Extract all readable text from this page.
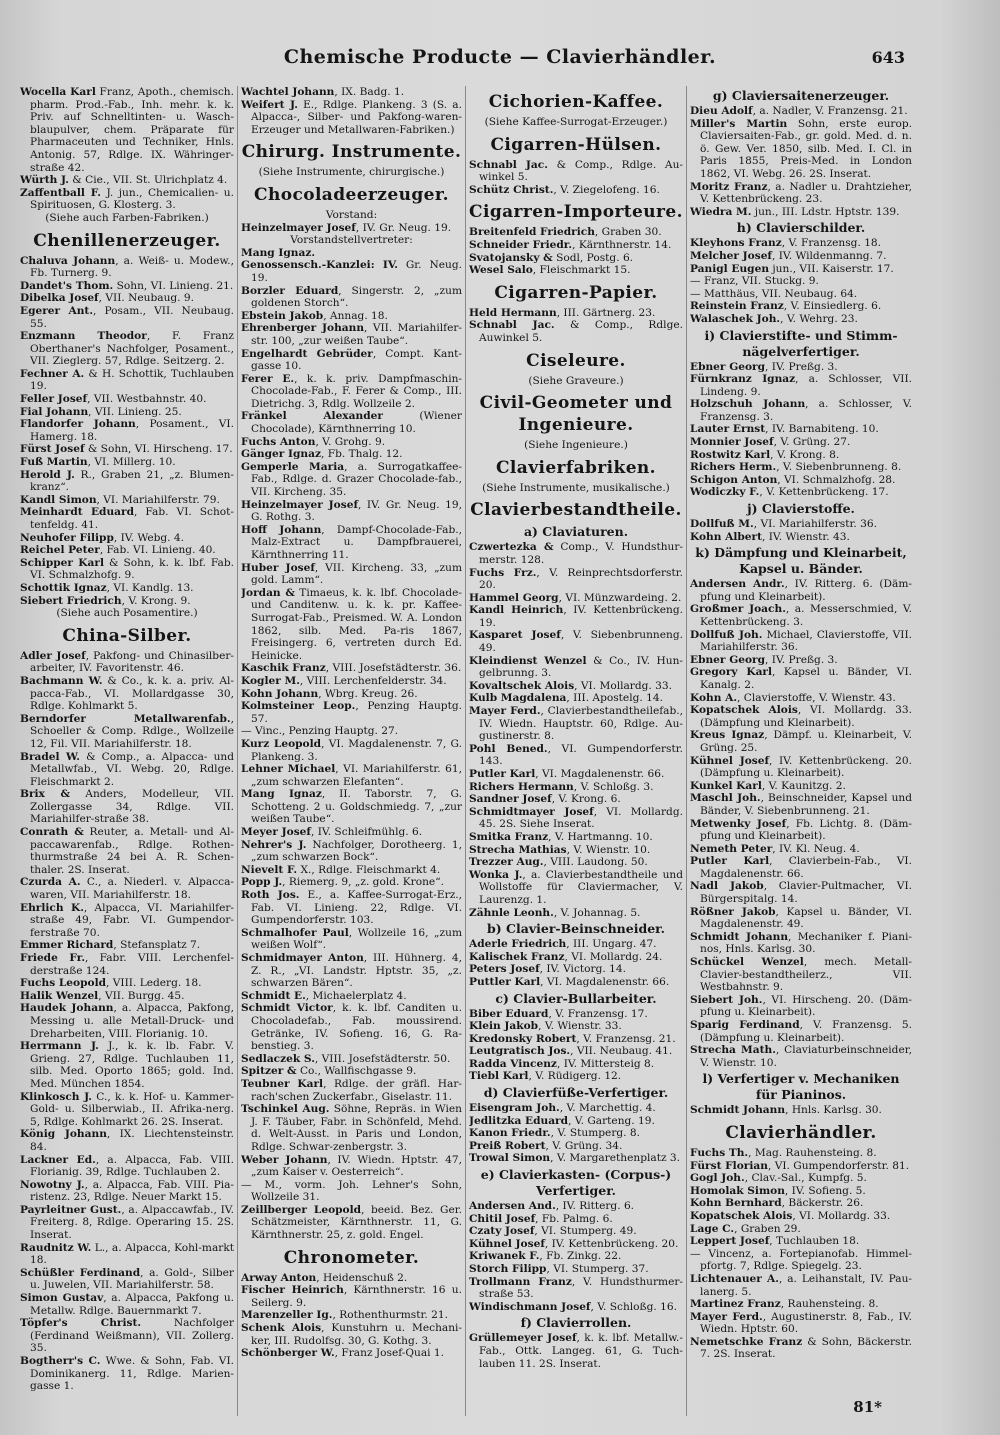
Chemische Producte — Clavierhändler.	643
Wocella Karl Franz, Apoth., chemisch. pharm. Prod.-Fab., Inh. mehr. k. k. Priv. auf Schnelltinten- u. Wasch-blaupulver, chem. Präparate für Pharmaceuten und Techniker, Hnls. Antonig. 57, Rdlge. IX. Währinger-straße 42.
Würth J. & Cie., VII. St. Ulrichplatz 4.
Zaffentball F. J. jun., Chemicalien- u. Spirituosen, G. Klosterg. 3.
(Siehe auch Farben-Fabriken.)
Chenillenerzeuger.
Chaluva Johann, a. Weiß- u. Modew., Fb. Turnerg. 9.
Dandet's Thom. Sohn, VI. Linieng. 21.
Dibelka Josef, VII. Neubaug. 9.
Egerer Ant., Posam., VII. Neubaug. 55.
Enzmann Theodor, F. Franz Oberthaner's Nachfolger, Posament., VII. Zieglerg. 57, Rdlge. Seitzerg. 2.
Fechner A. & H. Schottik, Tuchlauben 19.
Feller Josef, VII. Westbahnstr. 40.
Fial Johann, VII. Linieng. 25.
Flandorfer Johann, Posament., VI. Hamerg. 18.
Fürst Josef & Sohn, VI. Hirscheng. 17.
Fuß Martin, VI. Millerg. 10.
Herold J. R., Graben 21, „z. Blumen-kranz“.
Kandl Simon, VI. Mariahilferstr. 79.
Meinhardt Eduard, Fab. VI. Schot-tenfeldg. 41.
Neuhofer Filipp, IV. Webg. 4.
Reichel Peter, Fab. VI. Linieng. 40.
Schipper Karl & Sohn, k. k. lbf. Fab. VI. Schmalzhofg. 9.
Schottik Ignaz, VI. Kandlg. 13.
Siebert Friedrich, V. Krong. 9.
(Siehe auch Posamentire.)
China-Silber.
Adler Josef, Pakfong- und Chinasilber-arbeiter, IV. Favoritenstr. 46.
Bachmann W. & Co., k. k. a. priv. Al-pacca-Fab., VI. Mollardgasse 30, Rdlge. Kohlmarkt 5.
Berndorfer Metallwarenfab., Schoeller & Comp. Rdlge., Wollzeile 12, Fil. VII. Mariahilferstr. 18.
Bradel W. & Comp., a. Alpacca- und Metallwfab., VI. Webg. 20, Rdlge. Fleischmarkt 2.
Brix & Anders, Modelleur, VII. Zollergasse 34, Rdlge. VII. Mariahilfer-straße 38.
Conrath & Reuter, a. Metall- und Al-paccawarenfab., Rdlge. Rothen-thurmstraße 24 bei A. R. Schen-thaler. 2S. Inserat.
Czurda A. C., a. Niederl. v. Alpacca-waren, VII. Mariahilferstr. 18.
Ehrlich K., Alpacca, VI. Mariahilfer-straße 49, Fabr. VI. Gumpendor-ferstraße 70.
Emmer Richard, Stefansplatz 7.
Friede Fr., Fabr. VIII. Lerchenfel-derstraße 124.
Fuchs Leopold, VIII. Lederg. 18.
Halik Wenzel, VII. Burgg. 45.
Haudek Johann, a. Alpacca, Pakfong, Messing u. alle Metall-Druck- und Dreharbeiten, VIII. Florianig. 10.
Herrmann J. J., k. k. lb. Fabr. V. Grieng. 27, Rdlge. Tuchlauben 11, silb. Med. Oporto 1865; gold. Ind. Med. München 1854.
Klinkosch J. C., k. k. Hof- u. Kammer-Gold- u. Silberwiab., II. Afrika-nerg. 5, Rdlge. Kohlmarkt 26. 2S. Inserat.
König Johann, IX. Liechtensteinstr. 84.
Lackner Ed., a. Alpacca, Fab. VIII. Florianig. 39, Rdlge. Tuchlauben 2.
Nowotny J., a. Alpacca, Fab. VIII. Pia-ristenz. 23, Rdlge. Neuer Markt 15.
Payrleitner Gust., a. Alpaccawfab., IV. Freiterg. 8, Rdlge. Operaring 15. 2S. Inserat.
Raudnitz W. L., a. Alpacca, Kohl-markt 18.
Schüßler Ferdinand, a. Gold-, Silber u. Juwelen, VII. Mariahilferstr. 58.
Simon Gustav, a. Alpacca, Pakfong u. Metallw. Rdlge. Bauernmarkt 7.
Töpfer's Christ. Nachfolger (Ferdinand Weißmann), VII. Zollerg. 35.
Bogtherr's C. Wwe. & Sohn, Fab. VI. Dominikanerg. 11, Rdlge. Marien-gasse 1.
Wachtel Johann, IX. Badg. 1.
Weifert J. E., Rdlge. Plankeng. 3 (S. a. Alpacca-, Silber- und Pakfong-waren-Erzeuger und Metallwaren-Fabriken.)
Chirurg. Instrumente.
(Siehe Instrumente, chirurgische.)
Chocoladeerzeuger.
Vorstand:
Heinzelmayer Josef, IV. Gr. Neug. 19.
Vorstandstellvertreter:
Mang Ignaz.
Genossensch.-Kanzlei: IV. Gr. Neug. 19.
Borzler Eduard, Singerstr. 2, „zum goldenen Storch“.
Ebstein Jakob, Annag. 18.
Ehrenberger Johann, VII. Mariahilfer-str. 100, „zur weißen Taube“.
Engelhardt Gebrüder, Compt. Kant-gasse 10.
Ferer E., k. k. priv. Dampfmaschin-Chocolade-Fab., F. Ferer & Comp., III. Dietrichg. 3, Rdlg. Wollzeile 2.
Fränkel Alexander (Wiener Chocolade), Kärnthnerring 10.
Fuchs Anton, V. Grohg. 9.
Gänger Ignaz, Fb. Thalg. 12.
Gemperle Maria, a. Surrogatkaffee-Fab., Rdlge. d. Grazer Chocolade-fab., VII. Kircheng. 35.
Heinzelmayer Josef, IV. Gr. Neug. 19, G. Rothg. 3.
Hoff Johann, Dampf-Chocolade-Fab., Malz-Extract u. Dampfbrauerei, Kärnthnerring 11.
Huber Josef, VII. Kircheng. 33, „zum gold. Lamm“.
Jordan & Timaeus, k. k. lbf. Chocolade- und Canditenw. u. k. k. pr. Kaffee-Surrogat-Fab., Preismed. W. A. London 1862, silb. Med. Pa-ris 1867, Freisingerg. 6, vertreten durch Ed. Heinicke.
Kaschik Franz, VIII. Josefstädterstr. 36.
Kogler M., VIII. Lerchenfelderstr. 34.
Kohn Johann, Wbrg. Kreug. 26.
Kolmsteiner Leop., Penzing Hauptg. 57.
— Vinc., Penzing Hauptg. 27.
Kurz Leopold, VI. Magdalenenstr. 7, G. Plankeng. 3.
Lehner Michael, VI. Mariahilferstr. 61, „zum schwarzen Elefanten“.
Mang Ignaz, II. Taborstr. 7, G. Schotteng. 2 u. Goldschmiedg. 7, „zur weißen Taube“.
Meyer Josef, IV. Schleifmühlg. 6.
Nehrer's J. Nachfolger, Dorotheerg. 1, „zum schwarzen Bock“.
Nievelt F. X., Rdlge. Fleischmarkt 4.
Popp J., Riemerg. 9, „z. gold. Krone“.
Roth Jos. E., a. Kaffee-Surrogat-Erz., Fab. VI. Linieng. 22, Rdlge. VI. Gumpendorferstr. 103.
Schmalhofer Paul, Wollzeile 16, „zum weißen Wolf“.
Schmidmayer Anton, III. Hühnerg. 4, Z. R., „VI. Landstr. Hptstr. 35, „z. schwarzen Bären“.
Schmidt E., Michaelerplatz 4.
Schmidt Victor, k. k. lbf. Canditen u. Chocoladefab., Fab. moussirend. Getränke, IV. Sofieng. 16, G. Ra-benstieg. 3.
Sedlaczek S., VIII. Josefstädterstr. 50.
Spitzer & Co., Wallfischgasse 9.
Teubner Karl, Rdlge. der gräfl. Har-rach'schen Zuckerfabr., Giselastr. 11.
Tschinkel Aug. Söhne, Repräs. in Wien J. F. Täuber, Fabr. in Schönfeld, Mehd. d. Welt-Ausst. in Paris und London, Rdlge. Schwar-zenbergstr. 3.
Weber Johann, IV. Wiedn. Hptstr. 47, „zum Kaiser v. Oesterreich“.
— M., vorm. Joh. Lehner's Sohn, Wollzeile 31.
Zeillberger Leopold, beeid. Bez. Ger. Schätzmeister, Kärnthnerstr. 11, G. Kärnthnerstr. 25, z. gold. Engel.
Chronometer.
Arway Anton, Heidenschuß 2.
Fischer Heinrich, Kärnthnerstr. 16 u. Seilerg. 9.
Marenzeller Ig., Rothenthurmstr. 21.
Schenk Alois, Kunstuhrn u. Mechani-ker, III. Rudolfsg. 30, G. Kothg. 3.
Schönberger W., Franz Josef-Quai 1.
Cichorien-Kaffee.
(Siehe Kaffee-Surrogat-Erzeuger.)
Cigarren-Hülsen.
Schnabl Jac. & Comp., Rdlge. Au-winkel 5.
Schütz Christ., V. Ziegelofeng. 16.
Cigarren-Importeure.
Breitenfeld Friedrich, Graben 30.
Schneider Friedr., Kärnthnerstr. 14.
Svatojansky & Sodl, Postg. 6.
Wesel Salo, Fleischmarkt 15.
Cigarren-Papier.
Held Hermann, III. Gärtnerg. 23.
Schnabl Jac. & Comp., Rdlge. Auwinkel 5.
Ciseleure.
(Siehe Graveure.)
Civil-Geometer und Ingenieure.
(Siehe Ingenieure.)
Clavierfabriken.
(Siehe Instrumente, musikalische.)
Clavierbestandtheile.
a) Claviaturen.
Czwertezka & Comp., V. Hundsthur-merstr. 128.
Fuchs Frz., V. Reinprechtsdorferstr. 20.
Hammel Georg, VI. Münzwardeing. 2.
Kandl Heinrich, IV. Kettenbrückeng. 19.
Kasparet Josef, V. Siebenbrunneng. 49.
Kleindienst Wenzel & Co., IV. Hun-gelbrunng. 3.
Kovaltschek Alois, VI. Mollardg. 33.
Kulb Magdalena, III. Apostelg. 14.
Mayer Ferd., Clavierbestandtheilefab., IV. Wiedn. Hauptstr. 60, Rdlge. Au-gustinerstr. 8.
Pohl Bened., VI. Gumpendorferstr. 143.
Putler Karl, VI. Magdalenenstr. 66.
Richers Hermann, V. Schloßg. 3.
Sandner Josef, V. Krong. 6.
Schmidtmayer Josef, VI. Mollardg. 45. 2S. Siehe Inserat.
Smitka Franz, V. Hartmanng. 10.
Strecha Mathias, V. Wienstr. 10.
Trezzer Aug., VIII. Laudong. 50.
Wonka J., a. Clavierbestandtheile und Wollstoffe für Claviermacher, V. Laurenzg. 1.
Zähnle Leonh., V. Johannag. 5.
b) Clavier-Beinschneider.
Aderle Friedrich, III. Ungarg. 47.
Kalischek Franz, VI. Mollardg. 24.
Peters Josef, IV. Victorg. 14.
Puttler Karl, VI. Magdalenenstr. 66.
c) Clavier-Bullarbeiter.
Biber Eduard, V. Franzensg. 17.
Klein Jakob, V. Wienstr. 33.
Kredonsky Robert, V. Franzensg. 21.
Leutgratisch Jos., VII. Neubaug. 41.
Radda Vincenz, IV. Mittersteig 8.
Tiebl Karl, V. Rüdigerg. 12.
d) Clavierfüße-Verfertiger.
Eisengram Joh., V. Marchettig. 4.
Jedlitzka Eduard, V. Garteng. 19.
Kanon Friedr., V. Stumperg. 8.
Preiß Robert, V. Grüng. 34.
Trowal Simon, V. Margarethenplatz 3.
e) Clavierkasten- (Corpus-) Verfertiger.
Andersen And., IV. Ritterg. 6.
Chitil Josef, Fb. Palmg. 6.
Czaty Josef, VI. Stumperg. 49.
Kühnel Josef, IV. Kettenbrückeng. 20.
Kriwanek F., Fb. Zinkg. 22.
Storch Filipp, VI. Stumperg. 37.
Trollmann Franz, V. Hundsthurmer-straße 53.
Windischmann Josef, V. Schloßg. 16.
f) Clavierrollen.
Grüllemeyer Josef, k. k. lbf. Metallw.-Fab., Ottk. Langeg. 61, G. Tuch-lauben 11. 2S. Inserat.
g) Claviersaitenerzeuger.
Dieu Adolf, a. Nadler, V. Franzensg. 21.
Miller's Martin Sohn, erste europ. Claviersaiten-Fab., gr. gold. Med. d. n. ö. Gew. Ver. 1850, silb. Med. I. Cl. in Paris 1855, Preis-Med. in London 1862, VI. Webg. 26. 2S. Inserat.
Moritz Franz, a. Nadler u. Drahtzieher, V. Kettenbrückeng. 23.
Wiedra M. jun., III. Ldstr. Hptstr. 139.
h) Clavierschilder.
Kleyhons Franz, V. Franzensg. 18.
Melcher Josef, IV. Wildenmanng. 7.
Panigl Eugen jun., VII. Kaiserstr. 17.
— Franz, VII. Stuckg. 9.
— Matthäus, VII. Neubaug. 64.
Reinstein Franz, V. Einsiedlerg. 6.
Walaschek Joh., V. Wehrg. 23.
i) Clavierstifte- und Stimm-nägelverfertiger.
Ebner Georg, IV. Preßg. 3.
Fürnkranz Ignaz, a. Schlosser, VII. Lindeng. 9.
Holzschuh Johann, a. Schlosser, V. Franzensg. 3.
Lauter Ernst, IV. Barnabiteng. 10.
Monnier Josef, V. Grüng. 27.
Rostwitz Karl, V. Krong. 8.
Richers Herm., V. Siebenbrunneng. 8.
Schigon Anton, VI. Schmalzhofg. 28.
Wodiczky F., V. Kettenbrückeng. 17.
j) Clavierstoffe.
Dollfuß M., VI. Mariahilferstr. 36.
Kohn Albert, IV. Wienstr. 43.
k) Dämpfung und Kleinarbeit, Kapsel u. Bänder.
Andersen Andr., IV. Ritterg. 6. (Däm-pfung und Kleinarbeit).
Großmer Joach., a. Messerschmied, V. Kettenbrückeng. 3.
Dollfuß Joh. Michael, Clavierstoffe, VII. Mariahilferstr. 36.
Ebner Georg, IV. Preßg. 3.
Gregory Karl, Kapsel u. Bänder, VI. Kanalg. 2.
Kohn A., Clavierstoffe, V. Wienstr. 43.
Kopatschek Alois, VI. Mollardg. 33. (Dämpfung und Kleinarbeit).
Kreus Ignaz, Dämpf. u. Kleinarbeit, V. Grüng. 25.
Kühnel Josef, IV. Kettenbrückeng. 20. (Dämpfung u. Kleinarbeit).
Kunkel Karl, V. Kaunitzg. 2.
Maschl Joh., Beinschneider, Kapsel und Bänder, V. Siebenbrunneng. 21.
Metwenky Josef, Fb. Lichtg. 8. (Däm-pfung und Kleinarbeit).
Nemeth Peter, IV. Kl. Neug. 4.
Putler Karl, Clavierbein-Fab., VI. Magdalenenstr. 66.
Nadl Jakob, Clavier-Pultmacher, VI. Bürgerspitalg. 14.
Rößner Jakob, Kapsel u. Bänder, VI. Magdalenenstr. 49.
Schmidt Johann, Mechaniker f. Piani-nos, Hnls. Karlsg. 30.
Schückel Wenzel, mech. Metall-Clavier-bestandtheilerz., VII. Westbahnstr. 9.
Siebert Joh., VI. Hirscheng. 20. (Däm-pfung u. Kleinarbeit).
Sparig Ferdinand, V. Franzensg. 5. (Dämpfung u. Kleinarbeit).
Strecha Math., Claviaturbeinschneider, V. Wienstr. 10.
l) Verfertiger v. Mechaniken für Pianinos.
Schmidt Johann, Hnls. Karlsg. 30.
Clavierhändler.
Fuchs Th., Mag. Rauhensteing. 8.
Fürst Florian, VI. Gumpendorferstr. 81.
Gogl Joh., Clav.-Sal., Kumpfg. 5.
Homolak Simon, IV. Sofieng. 5.
Kohn Bernhard, Bäckerstr. 26.
Kopatschek Alois, VI. Mollardg. 33.
Lage C., Graben 29.
Leppert Josef, Tuchlauben 18.
— Vincenz, a. Fortepianofab. Himmel-pfortg. 7, Rdlge. Spiegelg. 23.
Lichtenauer A., a. Leihanstalt, IV. Pau-lanerg. 5.
Martinez Franz, Rauhensteing. 8.
Mayer Ferd., Augustinerstr. 8, Fab., IV. Wiedn. Hptstr. 60.
Nemetschke Franz & Sohn, Bäckerstr. 7. 2S. Inserat.
81*
